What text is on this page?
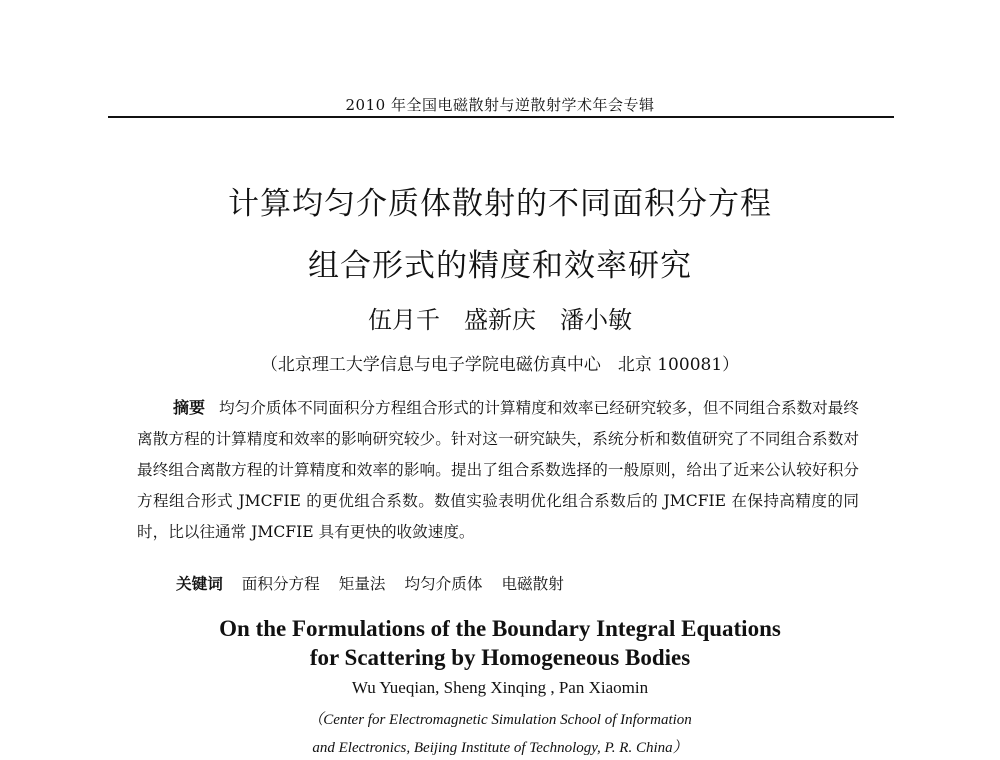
2010 年全国电磁散射与逆散射学术年会专辑
计算均匀介质体散射的不同面积分方程
组合形式的精度和效率研究
伍月千　盛新庆　潘小敏
（北京理工大学信息与电子学院电磁仿真中心　北京 100081）
摘要 均匀介质体不同面积分方程组合形式的计算精度和效率已经研究较多，但不同组合系数对最终离散方程的计算精度和效率的影响研究较少。针对这一研究缺失，系统分析和数值研究了不同组合系数对最终组合离散方程的计算精度和效率的影响。提出了组合系数选择的一般原则，给出了近来公认较好积分方程组合形式 JMCFIE 的更优组合系数。数值实验表明优化组合系数后的 JMCFIE 在保持高精度的同时，比以往通常 JMCFIE 具有更快的收敛速度。
关键词 面积分方程 矩量法 均匀介质体 电磁散射
On the Formulations of the Boundary Integral Equations
for Scattering by Homogeneous Bodies
Wu Yueqian, Sheng Xinqing , Pan Xiaomin
（Center for Electromagnetic Simulation School of Information
and Electronics, Beijing Institute of Technology, P. R. China）
